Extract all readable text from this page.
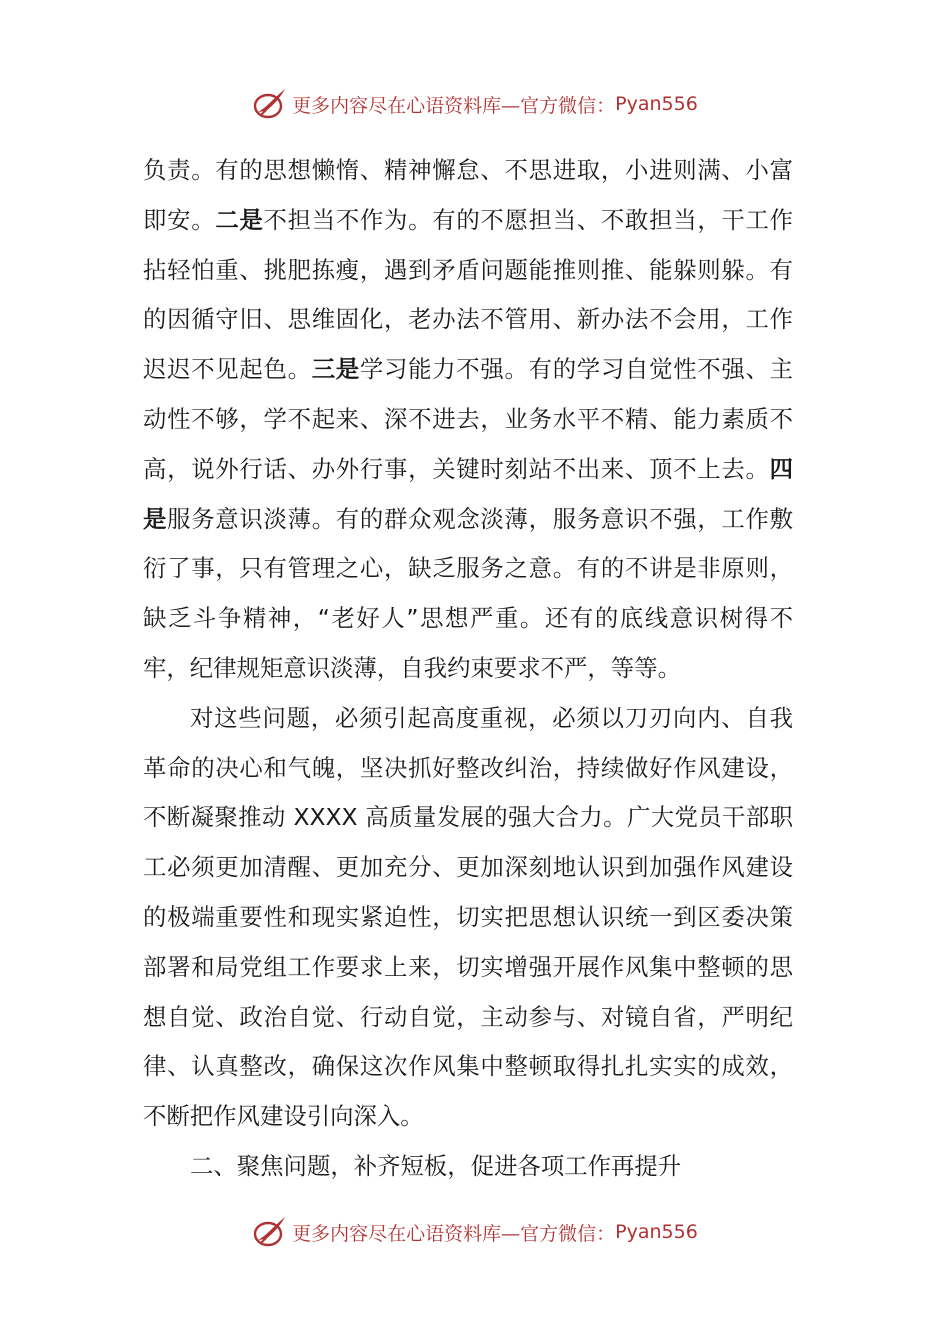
更多内容尽在心语资料库—官方微信： Pyan556
负责。有的思想懒惰、精神懈怠、不思进取，小进则满、小富
即安。二是不担当不作为。有的不愿担当、不敢担当，干工作
拈轻怕重、挑肥拣瘦，遇到矛盾问题能推则推、能躲则躲。有
的因循守旧、思维固化，老办法不管用、新办法不会用，工作
迟迟不见起色。三是学习能力不强。有的学习自觉性不强、主
动性不够，学不起来、深不进去，业务水平不精、能力素质不
高，说外行话、办外行事，关键时刻站不出来、顶不上去。四
是服务意识淡薄。有的群众观念淡薄，服务意识不强，工作敷
衍了事，只有管理之心，缺乏服务之意。有的不讲是非原则，
缺乏斗争精神，“老好人”思想严重。还有的底线意识树得不
牢，纪律规矩意识淡薄，自我约束要求不严，等等。
对这些问题，必须引起高度重视，必须以刀刃向内、自我
革命的决心和气魄，坚决抓好整改纠治，持续做好作风建设，
不断凝聚推动 XXXX 高质量发展的强大合力。广大党员干部职
工必须更加清醒、更加充分、更加深刻地认识到加强作风建设
的极端重要性和现实紧迫性，切实把思想认识统一到区委决策
部署和局党组工作要求上来，切实增强开展作风集中整顿的思
想自觉、政治自觉、行动自觉，主动参与、对镜自省，严明纪
律、认真整改，确保这次作风集中整顿取得扎扎实实的成效，
不断把作风建设引向深入。
二、聚焦问题，补齐短板，促进各项工作再提升
更多内容尽在心语资料库—官方微信： Pyan556
